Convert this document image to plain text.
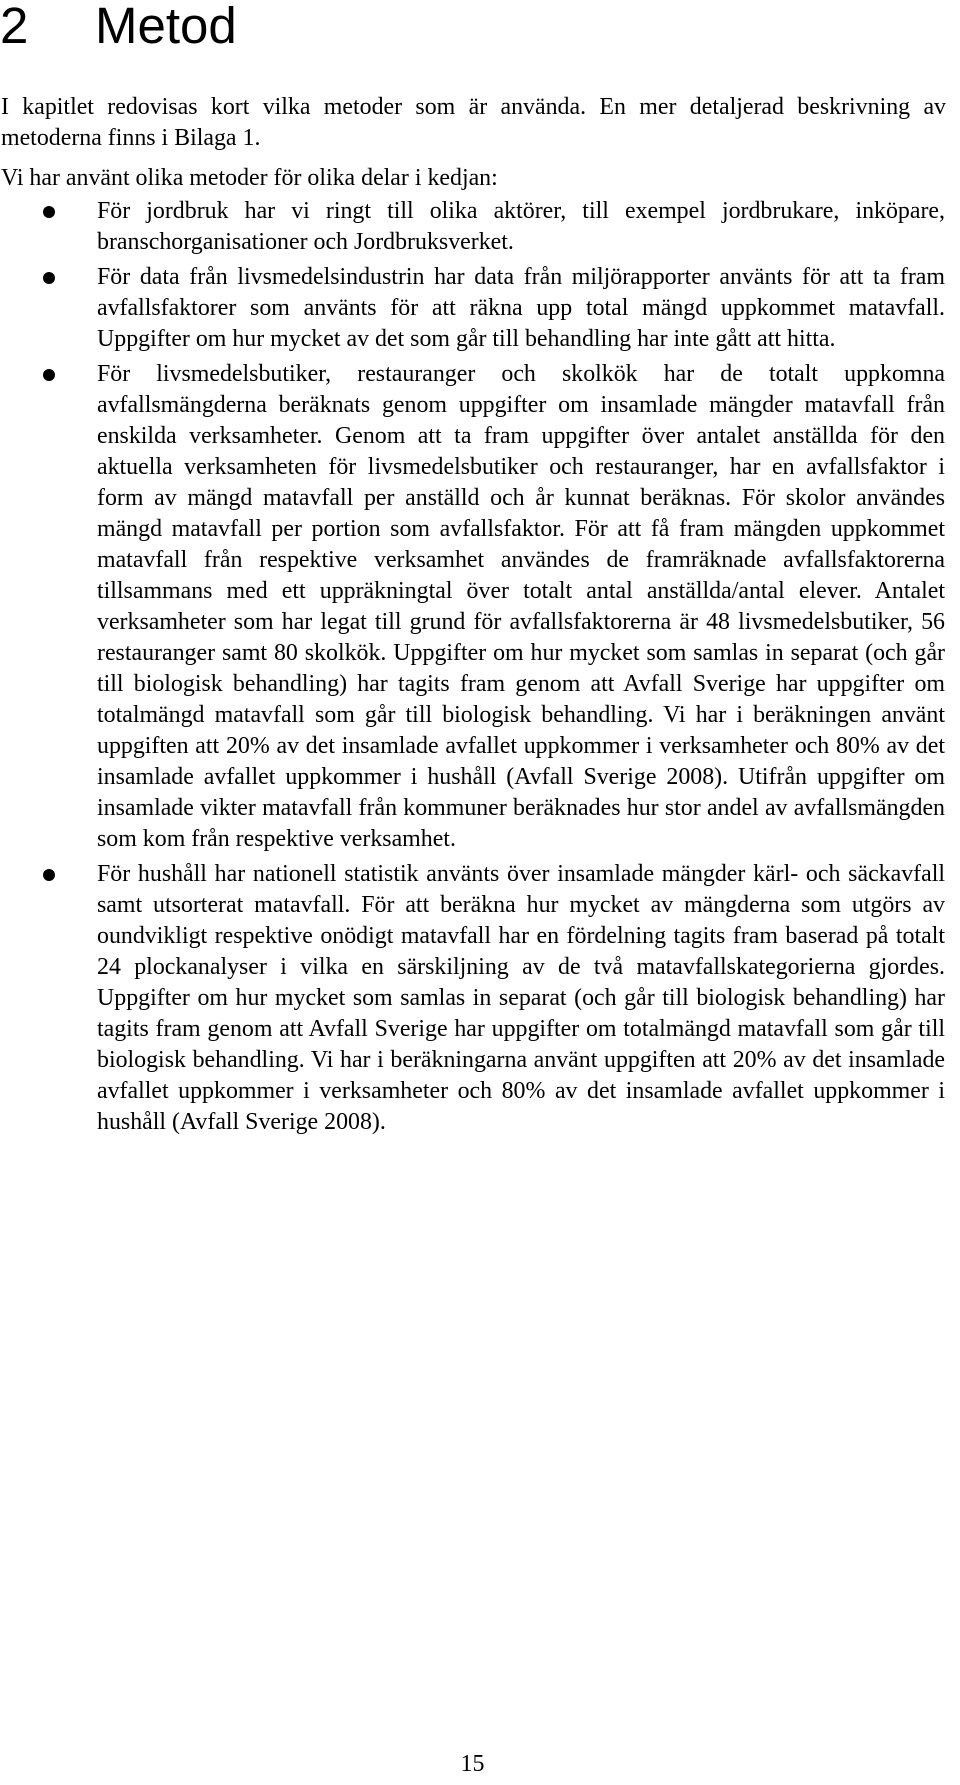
2 Metod

I kapitlet redovisas kort vilka metoder som är använda. En mer detaljerad beskrivning av metoderna finns i Bilaga 1.

Vi har använt olika metoder för olika delar i kedjan:

För jordbruk har vi ringt till olika aktörer, till exempel jordbrukare, inköpare, branschorganisationer och Jordbruksverket.
För data från livsmedelsindustrin har data från miljörapporter använts för att ta fram avfallsfaktorer som använts för att räkna upp total mängd uppkommet matavfall. Uppgifter om hur mycket av det som går till behandling har inte gått att hitta.
För livsmedelsbutiker, restauranger och skolkök har de totalt uppkomna avfallsmängderna beräknats genom uppgifter om insamlade mängder matavfall från enskilda verksamheter. Genom att ta fram uppgifter över antalet anställda för den aktuella verksamheten för livsmedelsbutiker och restauranger, har en avfallsfaktor i form av mängd matavfall per anställd och år kunnat beräknas. För skolor användes mängd matavfall per portion som avfallsfaktor. För att få fram mängden uppkommet matavfall från respektive verksamhet användes de framräknade avfallsfaktorerna tillsammans med ett uppräkningtal över totalt antal anställda/antal elever. Antalet verksamheter som har legat till grund för avfallsfaktorerna är 48 livsmedelsbutiker, 56 restauranger samt 80 skolkök. Uppgifter om hur mycket som samlas in separat (och går till biologisk behandling) har tagits fram genom att Avfall Sverige har uppgifter om totalmängd matavfall som går till biologisk behandling. Vi har i beräkningen använt uppgiften att 20% av det insamlade avfallet uppkommer i verksamheter och 80% av det insamlade avfallet uppkommer i hushåll (Avfall Sverige 2008). Utifrån uppgifter om insamlade vikter matavfall från kommuner beräknades hur stor andel av avfallsmängden som kom från respektive verksamhet.
För hushåll har nationell statistik använts över insamlade mängder kärl- och säckavfall samt utsorterat matavfall. För att beräkna hur mycket av mängderna som utgörs av oundvikligt respektive onödigt matavfall har en fördelning tagits fram baserad på totalt 24 plockanalyser i vilka en särskiljning av de två matavfallskategorierna gjordes. Uppgifter om hur mycket som samlas in separat (och går till biologisk behandling) har tagits fram genom att Avfall Sverige har uppgifter om totalmängd matavfall som går till biologisk behandling. Vi har i beräkningarna använt uppgiften att 20% av det insamlade avfallet uppkommer i verksamheter och 80% av det insamlade avfallet uppkommer i hushåll (Avfall Sverige 2008).

15
